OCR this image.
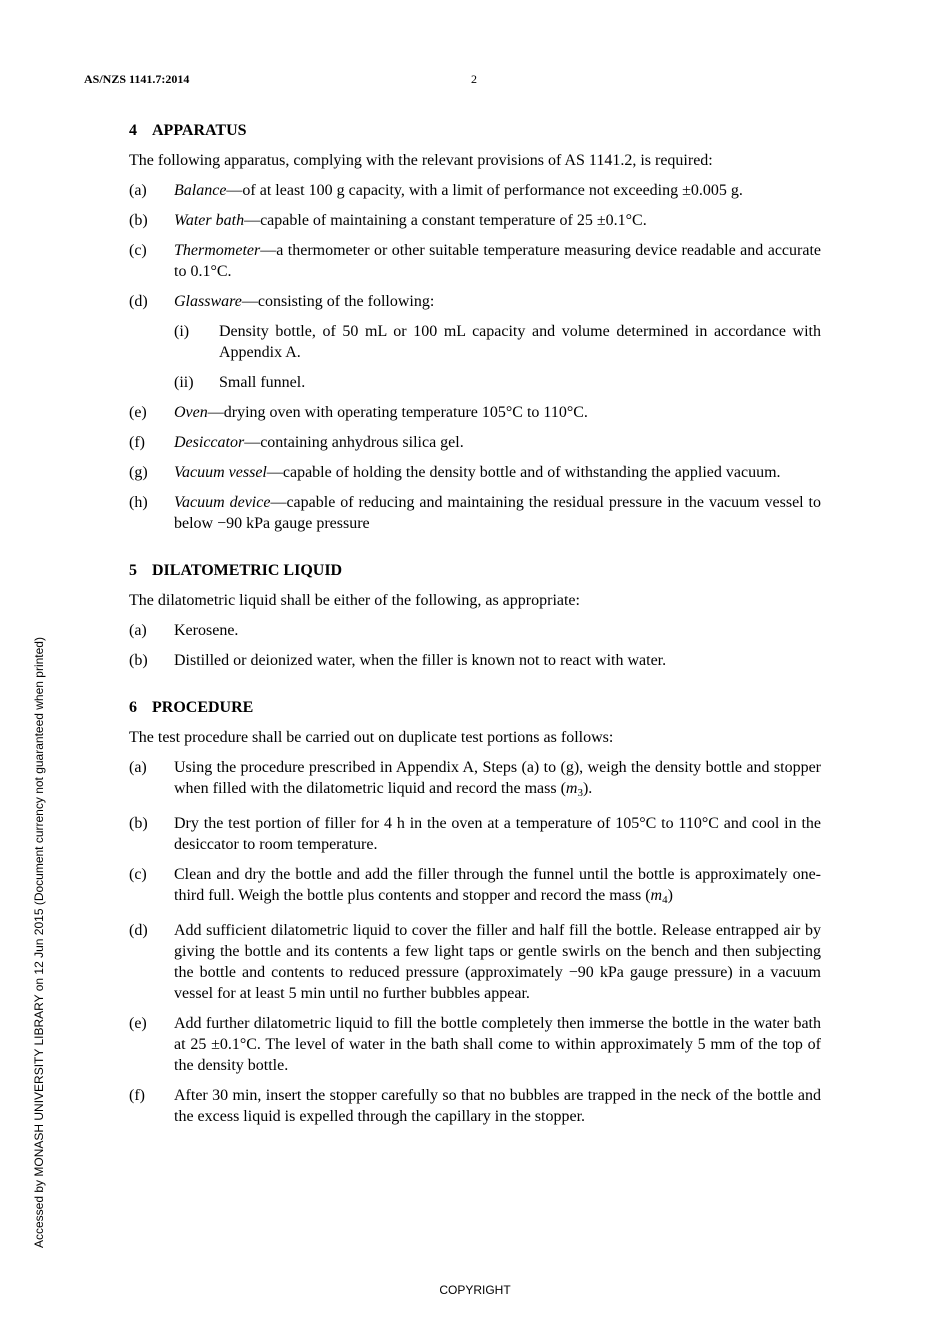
AS/NZS 1141.7:2014	2
4 APPARATUS
The following apparatus, complying with the relevant provisions of AS 1141.2, is required:
(a)	Balance—of at least 100 g capacity, with a limit of performance not exceeding ±0.005 g.
(b)	Water bath—capable of maintaining a constant temperature of 25 ±0.1°C.
(c)	Thermometer—a thermometer or other suitable temperature measuring device readable and accurate to 0.1°C.
(d)	Glassware—consisting of the following:
(i)	Density bottle, of 50 mL or 100 mL capacity and volume determined in accordance with Appendix A.
(ii)	Small funnel.
(e)	Oven—drying oven with operating temperature 105°C to 110°C.
(f)	Desiccator—containing anhydrous silica gel.
(g)	Vacuum vessel—capable of holding the density bottle and of withstanding the applied vacuum.
(h)	Vacuum device—capable of reducing and maintaining the residual pressure in the vacuum vessel to below −90 kPa gauge pressure
5 DILATOMETRIC LIQUID
The dilatometric liquid shall be either of the following, as appropriate:
(a)	Kerosene.
(b)	Distilled or deionized water, when the filler is known not to react with water.
6 PROCEDURE
The test procedure shall be carried out on duplicate test portions as follows:
(a)	Using the procedure prescribed in Appendix A, Steps (a) to (g), weigh the density bottle and stopper when filled with the dilatometric liquid and record the mass $(m_3)$.
(b)	Dry the test portion of filler for 4 h in the oven at a temperature of 105°C to 110°C and cool in the desiccator to room temperature.
(c)	Clean and dry the bottle and add the filler through the funnel until the bottle is approximately one-third full. Weigh the bottle plus contents and stopper and record the mass $(m_4)$
(d)	Add sufficient dilatometric liquid to cover the filler and half fill the bottle. Release entrapped air by giving the bottle and its contents a few light taps or gentle swirls on the bench and then subjecting the bottle and contents to reduced pressure (approximately −90 kPa gauge pressure) in a vacuum vessel for at least 5 min until no further bubbles appear.
(e)	Add further dilatometric liquid to fill the bottle completely then immerse the bottle in the water bath at 25 ±0.1°C. The level of water in the bath shall come to within approximately 5 mm of the top of the density bottle.
(f)	After 30 min, insert the stopper carefully so that no bubbles are trapped in the neck of the bottle and the excess liquid is expelled through the capillary in the stopper.
Accessed by MONASH UNIVERSITY LIBRARY on 12 Jun 2015 (Document currency not guaranteed when printed)
COPYRIGHT
